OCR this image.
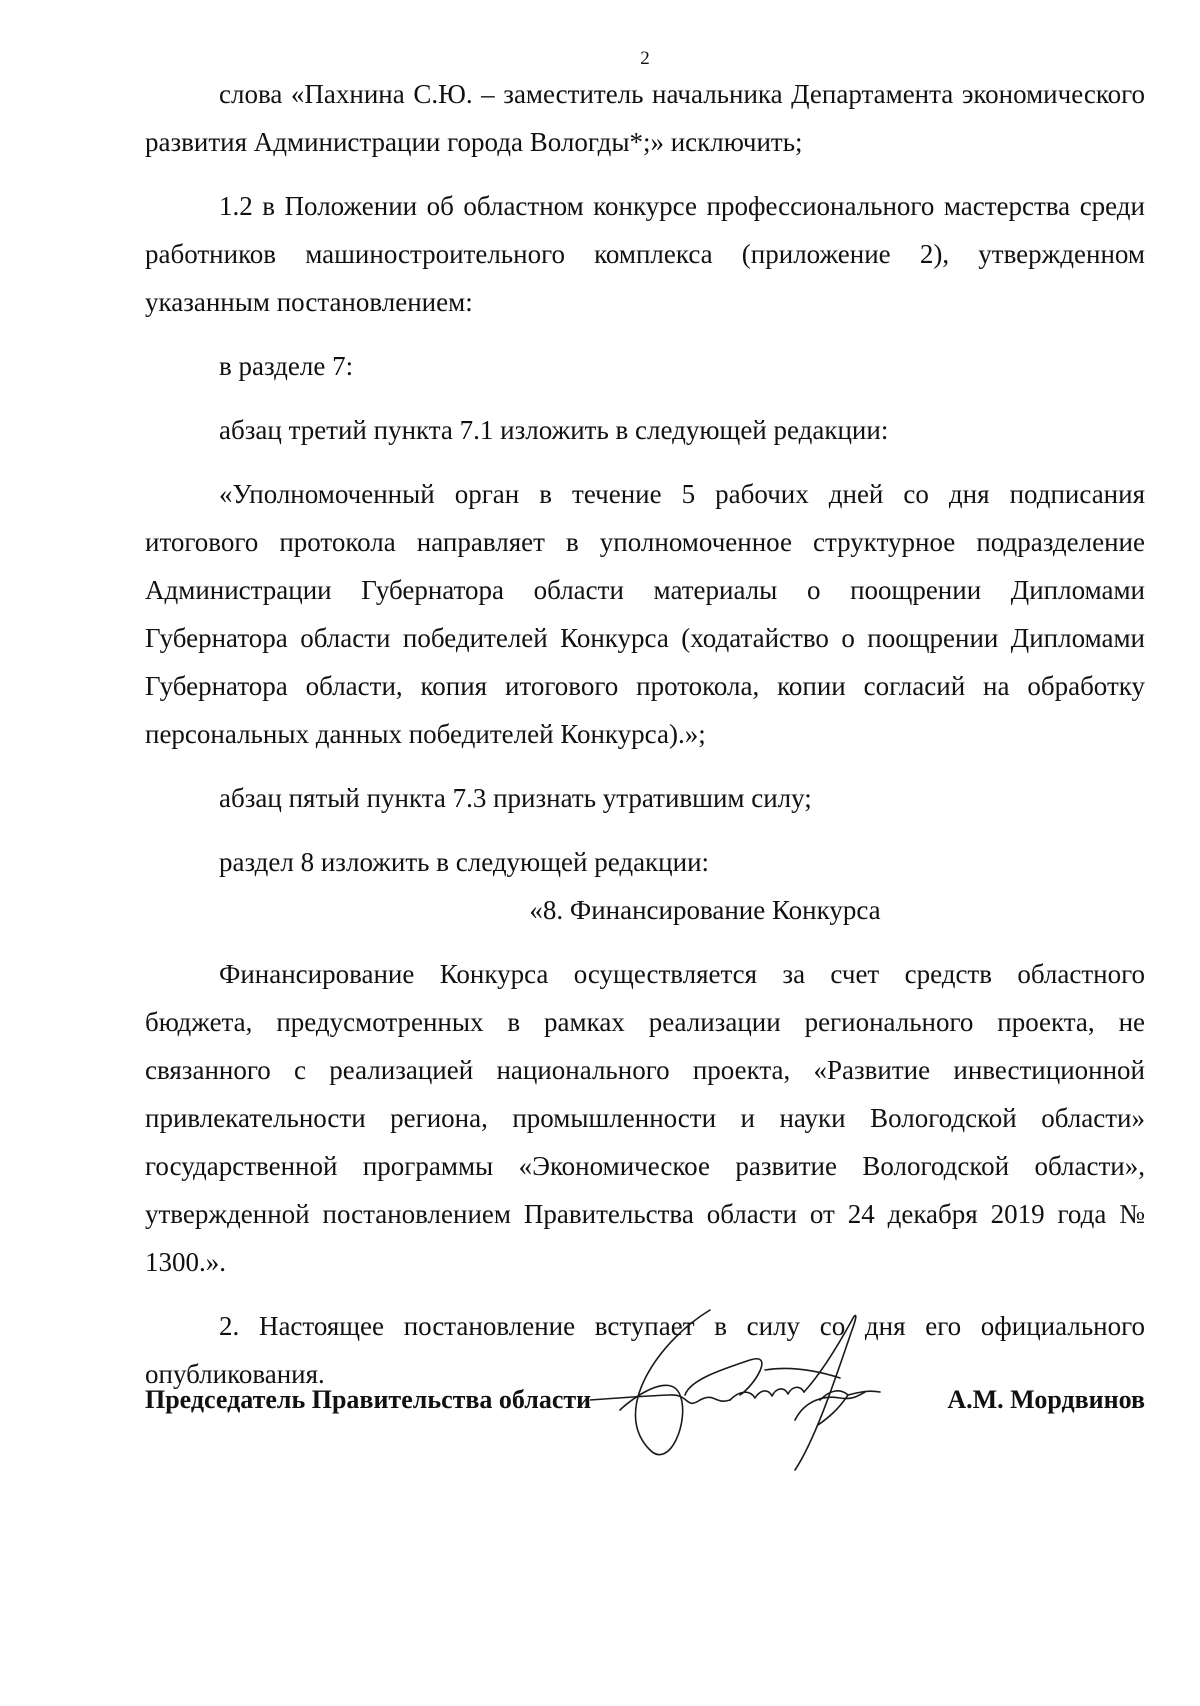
2

слова «Пахнина С.Ю. – заместитель начальника Департамента экономического развития Администрации города Вологды*;» исключить;

1.2 в Положении об областном конкурсе профессионального мастерства среди работников машиностроительного комплекса (приложение 2), утвержденном указанным постановлением:

в разделе 7:

абзац третий пункта 7.1 изложить в следующей редакции:

«Уполномоченный орган в течение 5 рабочих дней со дня подписания итогового протокола направляет в уполномоченное структурное подразделение Администрации Губернатора области материалы о поощрении Дипломами Губернатора области победителей Конкурса (ходатайство о поощрении Дипломами Губернатора области, копия итогового протокола, копии согласий на обработку персональных данных победителей Конкурса).»;

абзац пятый пункта 7.3 признать утратившим силу;

раздел 8 изложить в следующей редакции:

«8. Финансирование Конкурса

Финансирование Конкурса осуществляется за счет средств областного бюджета, предусмотренных в рамках реализации регионального проекта, не связанного с реализацией национального проекта, «Развитие инвестиционной привлекательности региона, промышленности и науки Вологодской области» государственной программы «Экономическое развитие Вологодской области», утвержденной постановлением Правительства области от 24 декабря 2019 года № 1300.».

2. Настоящее постановление вступает в силу со дня его официального опубликования.

Председатель Правительства области	А.М. Мордвинов
